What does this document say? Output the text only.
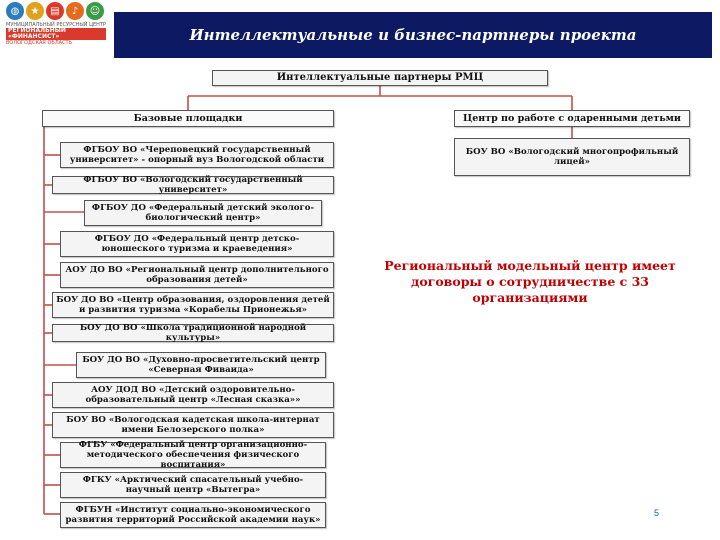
◍	★	▤	♪	☺
МУНИЦИПАЛЬНЫЙ РЕСУРСНЫЙ ЦЕНТР
РЕГИОНАЛЬНЫЙ «ФИНАНСИСТ»
ВОЛОГОДСКАЯ ОБЛАСТЬ	Интеллектуальные и бизнес-партнеры проекта
Интеллектуальные партнеры РМЦ
Базовые площадки	Центр по работе с одаренными детьми
БОУ ВО «Вологодский многопрофильный лицей»
ФГБОУ ВО «Череповецкий государственный университет» - опорный вуз Вологодской области
ФГБОУ ВО «Вологодский государственный университет»
ФГБОУ ДО «Федеральный детский эколого-биологический центр»
ФГБОУ ДО «Федеральный центр детско-юношеского туризма и краеведения»
АОУ ДО ВО «Региональный центр дополнительного образования детей»
БОУ ДО ВО «Центр образования, оздоровления детей и развития туризма «Корабелы Прионежья»
БОУ ДО ВО «Школа традиционной народной культуры»
БОУ ДО ВО «Духовно-просветительский центр «Северная Фиваида»
АОУ ДОД ВО «Детский оздоровительно-образовательный центр «Лесная сказка»»
БОУ ВО «Вологодская кадетская школа-интернат имени Белозерского полка»
ФГБУ «Федеральный центр организационно-методического обеспечения физического воспитания»
ФГКУ «Арктический спасательный учебно-научный центр «Вытегра»
ФГБУН «Институт социально-экономического развития территорий Российской академии наук»
Региональный модельный центр имеет договоры о сотрудничестве с 33 организациями
5
